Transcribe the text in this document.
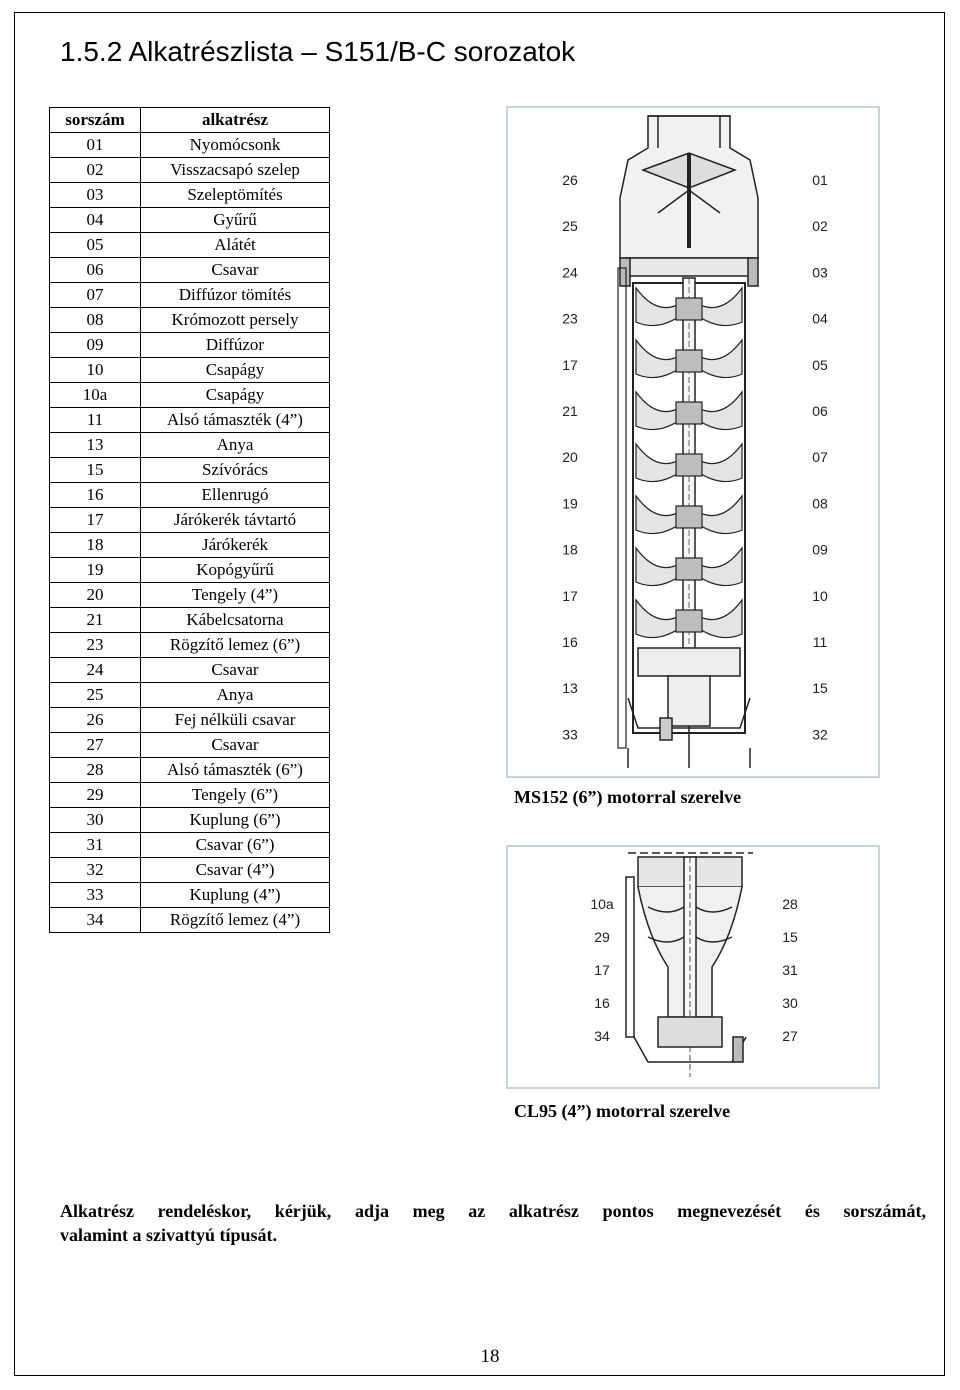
1.5.2 Alkatrészlista – S151/B-C sorozatok
sorszám	alkatrész
01	Nyomócsonk
02	Visszacsapó szelep
03	Szeleptömítés
04	Gyűrű
05	Alátét
06	Csavar
07	Diffúzor tömítés
08	Krómozott persely
09	Diffúzor
10	Csapágy
10a	Csapágy
11	Alsó támaszték (4”)
13	Anya
15	Szívórács
16	Ellenrugó
17	Járókerék távtartó
18	Járókerék
19	Kopógyűrű
20	Tengely (4”)
21	Kábelcsatorna
23	Rögzítő lemez (6”)
24	Csavar
25	Anya
26	Fej nélküli csavar
27	Csavar
28	Alsó támaszték (6”)
29	Tengely (6”)
30	Kuplung (6”)
31	Csavar (6”)
32	Csavar (4”)
33	Kuplung (4”)
34	Rögzítő lemez (4”)
26
25
24
23
17
21
20
19
18
17
16
13
33
01
02
03
04
05
06
07
08
09
10
11
15
32
MS152 (6”) motorral szerelve
10a
29
17
16
34
28
15
31
30
27
CL95 (4”) motorral szerelve
Alkatrész rendeléskor, kérjük, adja meg az alkatrész pontos megnevezését és sorszámát,
valamint a szivattyú típusát.
18
